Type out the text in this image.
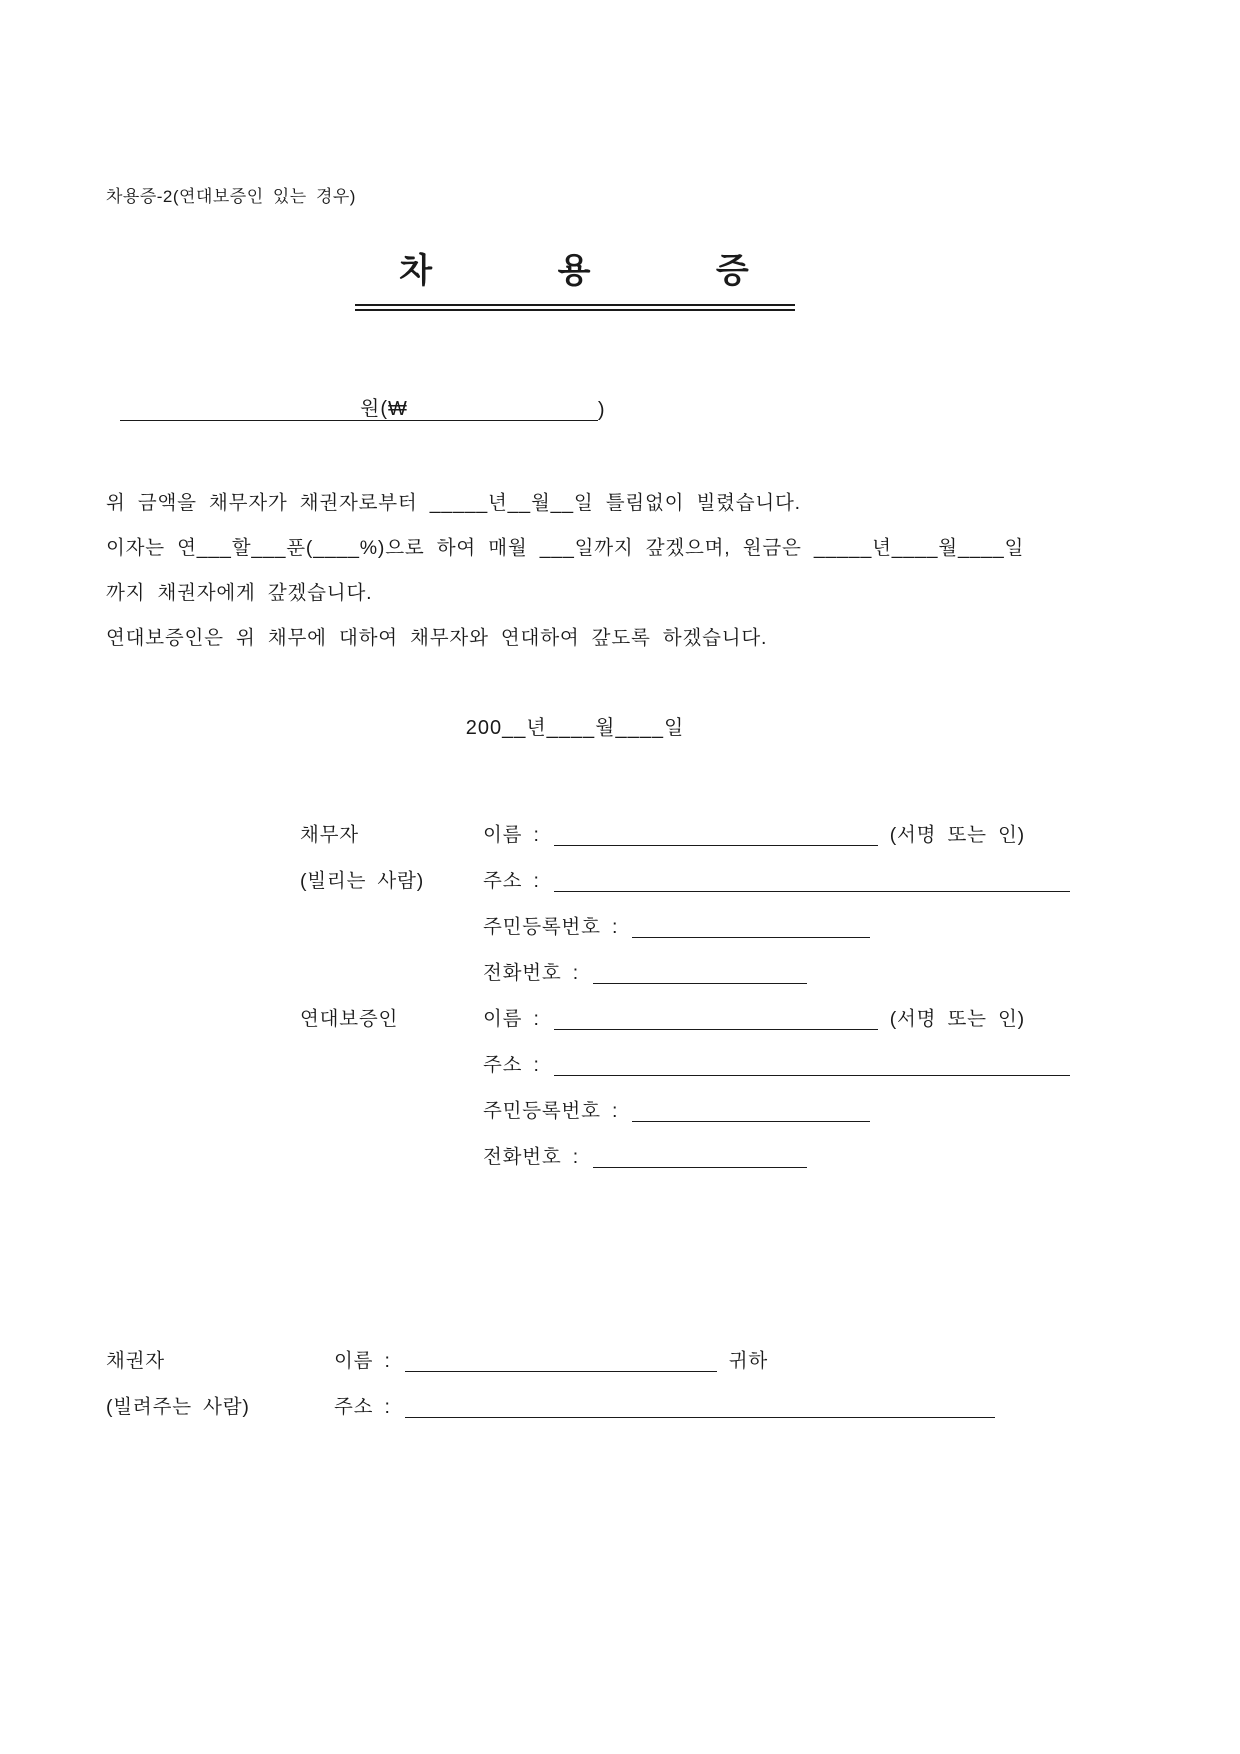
차용증-2(연대보증인 있는 경우)
차 용 증
원(₩	)
위 금액을 채무자가 채권자로부터 _____년__월__일 틀림없이 빌렸습니다.
이자는 연___할___푼(____%)으로 하여 매월 ___일까지 갚겠으며, 원금은 _____년____월____일
까지 채권자에게 갚겠습니다.
연대보증인은 위 채무에 대하여 채무자와 연대하여 갚도록 하겠습니다.
200__년____월____일
채무자	이름 :	(서명 또는 인)
(빌리는 사람)	주소 :
주민등록번호 :
전화번호 :
연대보증인	이름 :	(서명 또는 인)
주소 :
주민등록번호 :
전화번호 :
채권자	이름 :	귀하
(빌려주는 사람)	주소 :
